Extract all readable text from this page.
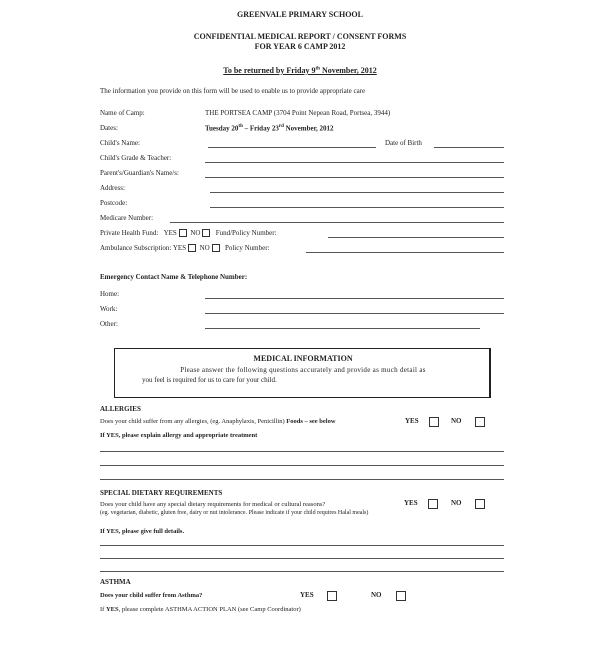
GREENVALE PRIMARY SCHOOL
CONFIDENTIAL MEDICAL REPORT / CONSENT FORMS
FOR YEAR 6 CAMP 2012
To be returned by Friday 9th November, 2012
The information you provide on this form will be used to enable us to provide appropriate care
Name of Camp:	THE PORTSEA CAMP (3704 Point Nepean Road, Portsea, 3944)
Dates:	Tuesday 20th – Friday 23rd November, 2012
Child's Name:	Date of Birth
Child's Grade & Teacher:
Parent's/Guardian's Name/s:
Address:
Postcode:
Medicare Number:
Private Health Fund: YES NO Fund/Policy Number:
Ambulance Subscription: YES NO Policy Number:
Emergency Contact Name & Telephone Number:
Home:
Work:
Other:
MEDICAL INFORMATION
Please answer the following questions accurately and provide as much detail as
you feel is required for us to care for your child.
ALLERGIES
Does your child suffer from any allergies, (eg. Anaphylaxis, Penicillin) Foods – see below	YES	NO
If YES, please explain allergy and appropriate treatment
SPECIAL DIETARY REQUIREMENTS
Does your child have any special dietary requirements for medical or cultural reasons?
(eg. vegetarian, diabetic, gluten free, dairy or nut intolerance. Please indicate if your child requires Halal meals)
YES	NO
If YES, please give full details.
ASTHMA
Does your child suffer from Asthma?	YES	NO
If YES, please complete ASTHMA ACTION PLAN (see Camp Coordinator)
